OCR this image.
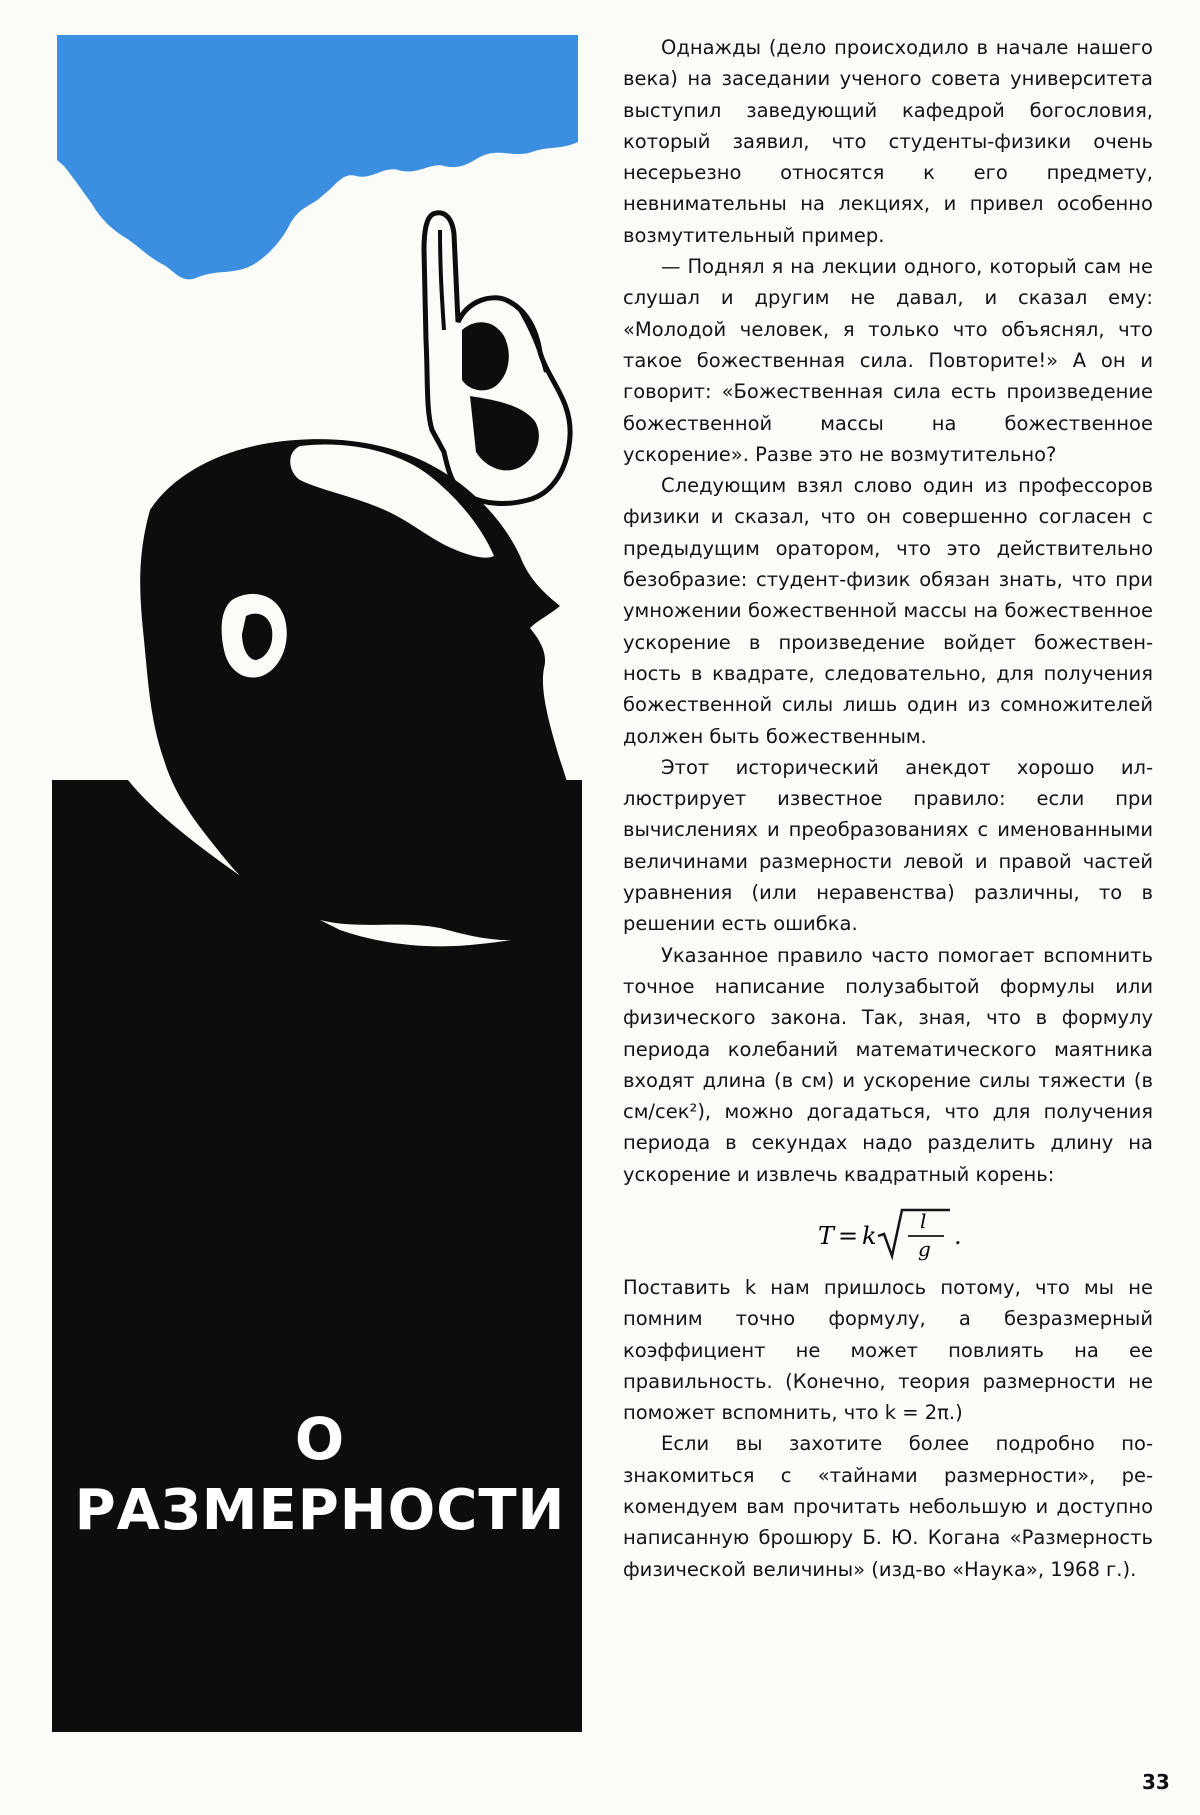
О
РАЗМЕРНОСТИ

Однажды (дело происходило в начале нашего века) на заседании ученого совета университета выступил заведующий кафедрой богословия, который заявил, что студенты-физики очень несерьезно относятся к его предмету, невнимательны на лекциях, и привел особенно возмутительный пример.

— Поднял я на лекции одного, который сам не слушал и другим не давал, и сказал ему: «Молодой человек, я только что объяснял, что такое божественная сила. Повторите!» А он и говорит: «Божественная сила есть произведение божественной массы на божественное ускорение». Разве это не возмутительно?

Следующим взял слово один из профессоров физики и сказал, что он совершенно согласен с предыдущим оратором, что это действительно безобразие: студент-физик обязан знать, что при умножении божественной массы на божественное ускорение в произведение войдет божественность в квадрате, следовательно, для получения божественной силы лишь один из сомножителей должен быть божественным.

Этот исторический анекдот хорошо иллюстрирует известное правило: если при вычислениях и преобразованиях с именованными величинами размерности левой и правой частей уравнения (или неравенства) различны, то в решении есть ошибка.

Указанное правило часто помогает вспомнить точное написание полузабытой формулы или физического закона. Так, зная, что в формулу периода колебаний математического маятника входят длина (в см) и ускорение силы тяжести (в см/сек²), можно догадаться, что для получения периода в секундах надо разделить длину на ускорение и извлечь квадратный корень:

T = k
l
g .

Поставить k нам пришлось потому, что мы не помним точно формулу, а безразмерный коэффициент не может повлиять на ее правильность. (Конечно, теория размерности не поможет вспомнить, что k = 2π.)

Если вы захотите более подробно познакомиться с «тайнами размерности», рекомендуем вам прочитать небольшую и доступно написанную брошюру Б. Ю. Когана «Размерность физической величины» (изд-во «Наука», 1968 г.).

33
